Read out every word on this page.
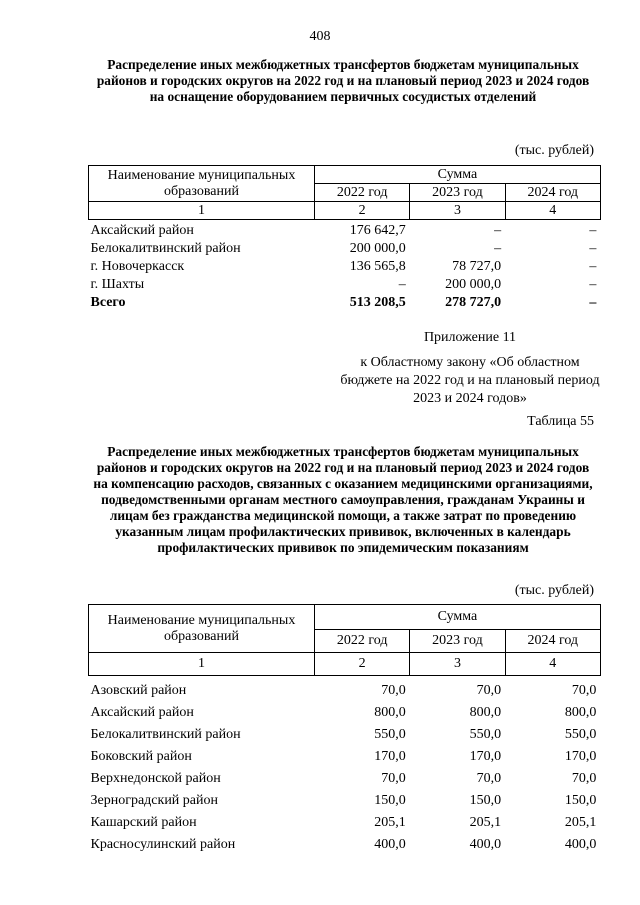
408
Распределение иных межбюджетных трансфертов бюджетам муниципальных районов и городских округов на 2022 год и на плановый период 2023 и 2024 годов на оснащение оборудованием первичных сосудистых отделений
(тыс. рублей)
Наименование муниципальных образований	Сумма		
	2022 год	2023 год	2024 год
1	2	3	4
Аксайский район	176 642,7	–	–
Белокалитвинский район	200 000,0	–	–
г. Новочеркасск	136 565,8	78 727,0	–
г. Шахты	–	200 000,0	–
Всего	513 208,5	278 727,0	–
Приложение 11
к Областному закону «Об областном бюджете на 2022 год и на плановый период 2023 и 2024 годов»
Таблица 55
Распределение иных межбюджетных трансфертов бюджетам муниципальных районов и городских округов на 2022 год и на плановый период 2023 и 2024 годов на компенсацию расходов, связанных с оказанием медицинскими организациями, подведомственными органам местного самоуправления, гражданам Украины и лицам без гражданства медицинской помощи, а также затрат по проведению указанным лицам профилактических прививок, включенных в календарь профилактических прививок по эпидемическим показаниям
(тыс. рублей)
Наименование муниципальных образований	Сумма		
	2022 год	2023 год	2024 год
1	2	3	4
Азовский район	70,0	70,0	70,0
Аксайский район	800,0	800,0	800,0
Белокалитвинский район	550,0	550,0	550,0
Боковский район	170,0	170,0	170,0
Верхнедонской район	70,0	70,0	70,0
Зерноградский район	150,0	150,0	150,0
Кашарский район	205,1	205,1	205,1
Красносулинский район	400,0	400,0	400,0
